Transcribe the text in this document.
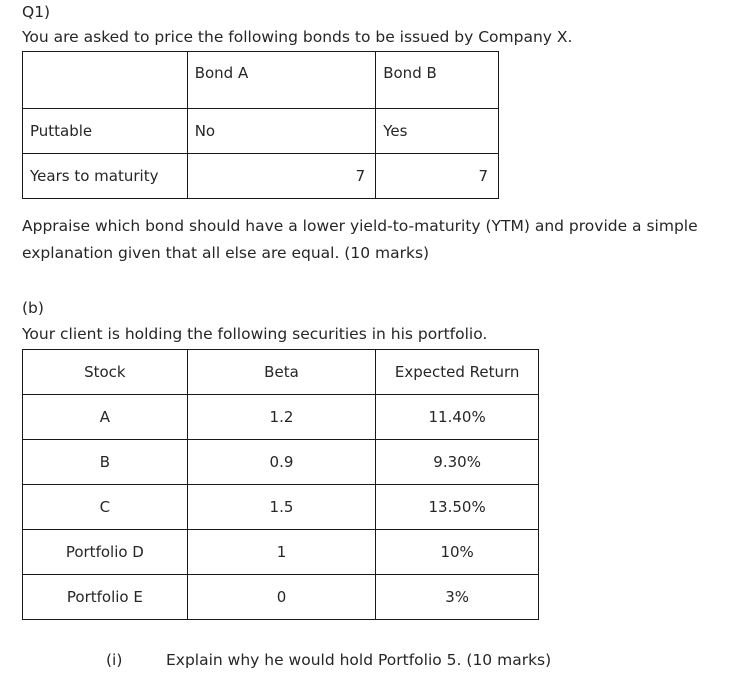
Q1)
You are asked to price the following bonds to be issued by Company X.
	Bond A	Bond B
Puttable	No	Yes
Years to maturity	7	7
Appraise which bond should have a lower yield-to-maturity (YTM) and provide a simple explanation given that all else are equal. (10 marks)
(b)
Your client is holding the following securities in his portfolio.
Stock	Beta	Expected Return
A	1.2	11.40%
B	0.9	9.30%
C	1.5	13.50%
Portfolio D	1	10%
Portfolio E	0	3%
(i)	Explain why he would hold Portfolio 5. (10 marks)
